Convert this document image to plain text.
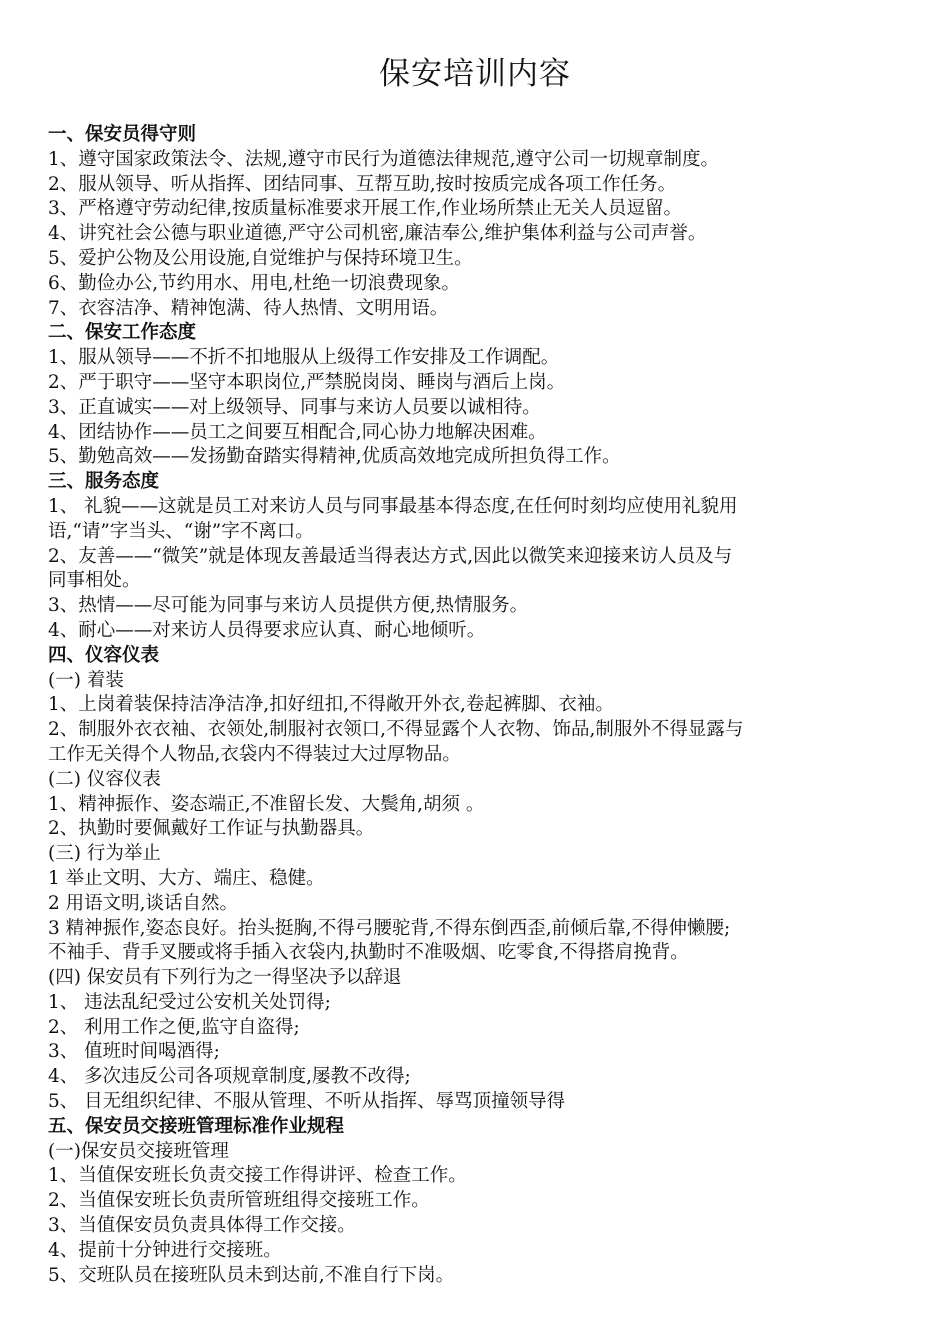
保安培训内容
一、保安员得守则
1、遵守国家政策法令、法规,遵守市民行为道德法律规范,遵守公司一切规章制度。
2、服从领导、听从指挥、团结同事、互帮互助,按时按质完成各项工作任务。
3、严格遵守劳动纪律,按质量标准要求开展工作,作业场所禁止无关人员逗留。
4、讲究社会公德与职业道德,严守公司机密,廉洁奉公,维护集体利益与公司声誉。
5、爱护公物及公用设施,自觉维护与保持环境卫生。
6、勤俭办公,节约用水、用电,杜绝一切浪费现象。
7、衣容洁净、精神饱满、待人热情、文明用语。
二、保安工作态度
1、服从领导——不折不扣地服从上级得工作安排及工作调配。
2、严于职守——坚守本职岗位,严禁脱岗岗、睡岗与酒后上岗。
3、正直诚实——对上级领导、同事与来访人员要以诚相待。
4、团结协作——员工之间要互相配合,同心协力地解决困难。
5、勤勉高效——发扬勤奋踏实得精神,优质高效地完成所担负得工作。
三、服务态度
1、 礼貌——这就是员工对来访人员与同事最基本得态度,在任何时刻均应使用礼貌用
语,“请”字当头、“谢”字不离口。
2、友善——“微笑”就是体现友善最适当得表达方式,因此以微笑来迎接来访人员及与
同事相处。
3、热情——尽可能为同事与来访人员提供方便,热情服务。
4、耐心——对来访人员得要求应认真、耐心地倾听。
四、仪容仪表
(一) 着装
1、上岗着装保持洁净洁净,扣好纽扣,不得敞开外衣,卷起裤脚、衣袖。
2、制服外衣衣袖、衣领处,制服衬衣领口,不得显露个人衣物、饰品,制服外不得显露与
工作无关得个人物品,衣袋内不得装过大过厚物品。
(二) 仪容仪表
1、精神振作、姿态端正,不准留长发、大鬓角,胡须 。
2、执勤时要佩戴好工作证与执勤器具。
(三) 行为举止
1 举止文明、大方、端庄、稳健。
2 用语文明,谈话自然。
3 精神振作,姿态良好。抬头挺胸,不得弓腰驼背,不得东倒西歪,前倾后靠,不得伸懒腰;
不袖手、背手叉腰或将手插入衣袋内,执勤时不准吸烟、吃零食,不得搭肩挽背。
(四) 保安员有下列行为之一得坚决予以辞退
1、 违法乱纪受过公安机关处罚得;
2、 利用工作之便,监守自盗得;
3、 值班时间喝酒得;
4、 多次违反公司各项规章制度,屡教不改得;
5、 目无组织纪律、不服从管理、不听从指挥、辱骂顶撞领导得
五、保安员交接班管理标准作业规程
(一)保安员交接班管理
1、当值保安班长负责交接工作得讲评、检查工作。
2、当值保安班长负责所管班组得交接班工作。
3、当值保安员负责具体得工作交接。
4、提前十分钟进行交接班。
5、交班队员在接班队员未到达前,不准自行下岗。
